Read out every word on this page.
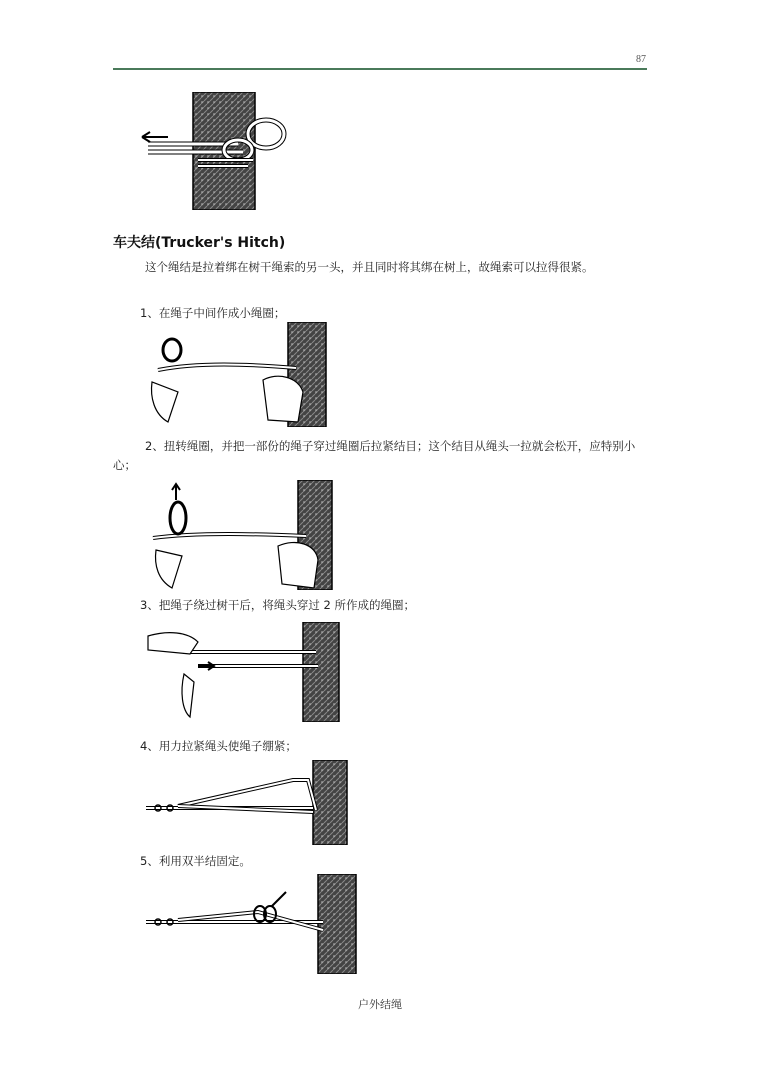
87
车夫结(Trucker's Hitch)
这个绳结是拉着绑在树干绳索的另一头，并且同时将其绑在树上，故绳索可以拉得很紧。
1、在绳子中间作成小绳圈；
2、扭转绳圈，并把一部份的绳子穿过绳圈后拉紧结目；这个结目从绳头一拉就会松开，应特别小心；
3、把绳子绕过树干后，将绳头穿过 2 所作成的绳圈；
4、用力拉紧绳头使绳子绷紧；
5、利用双半结固定。
户外结绳
